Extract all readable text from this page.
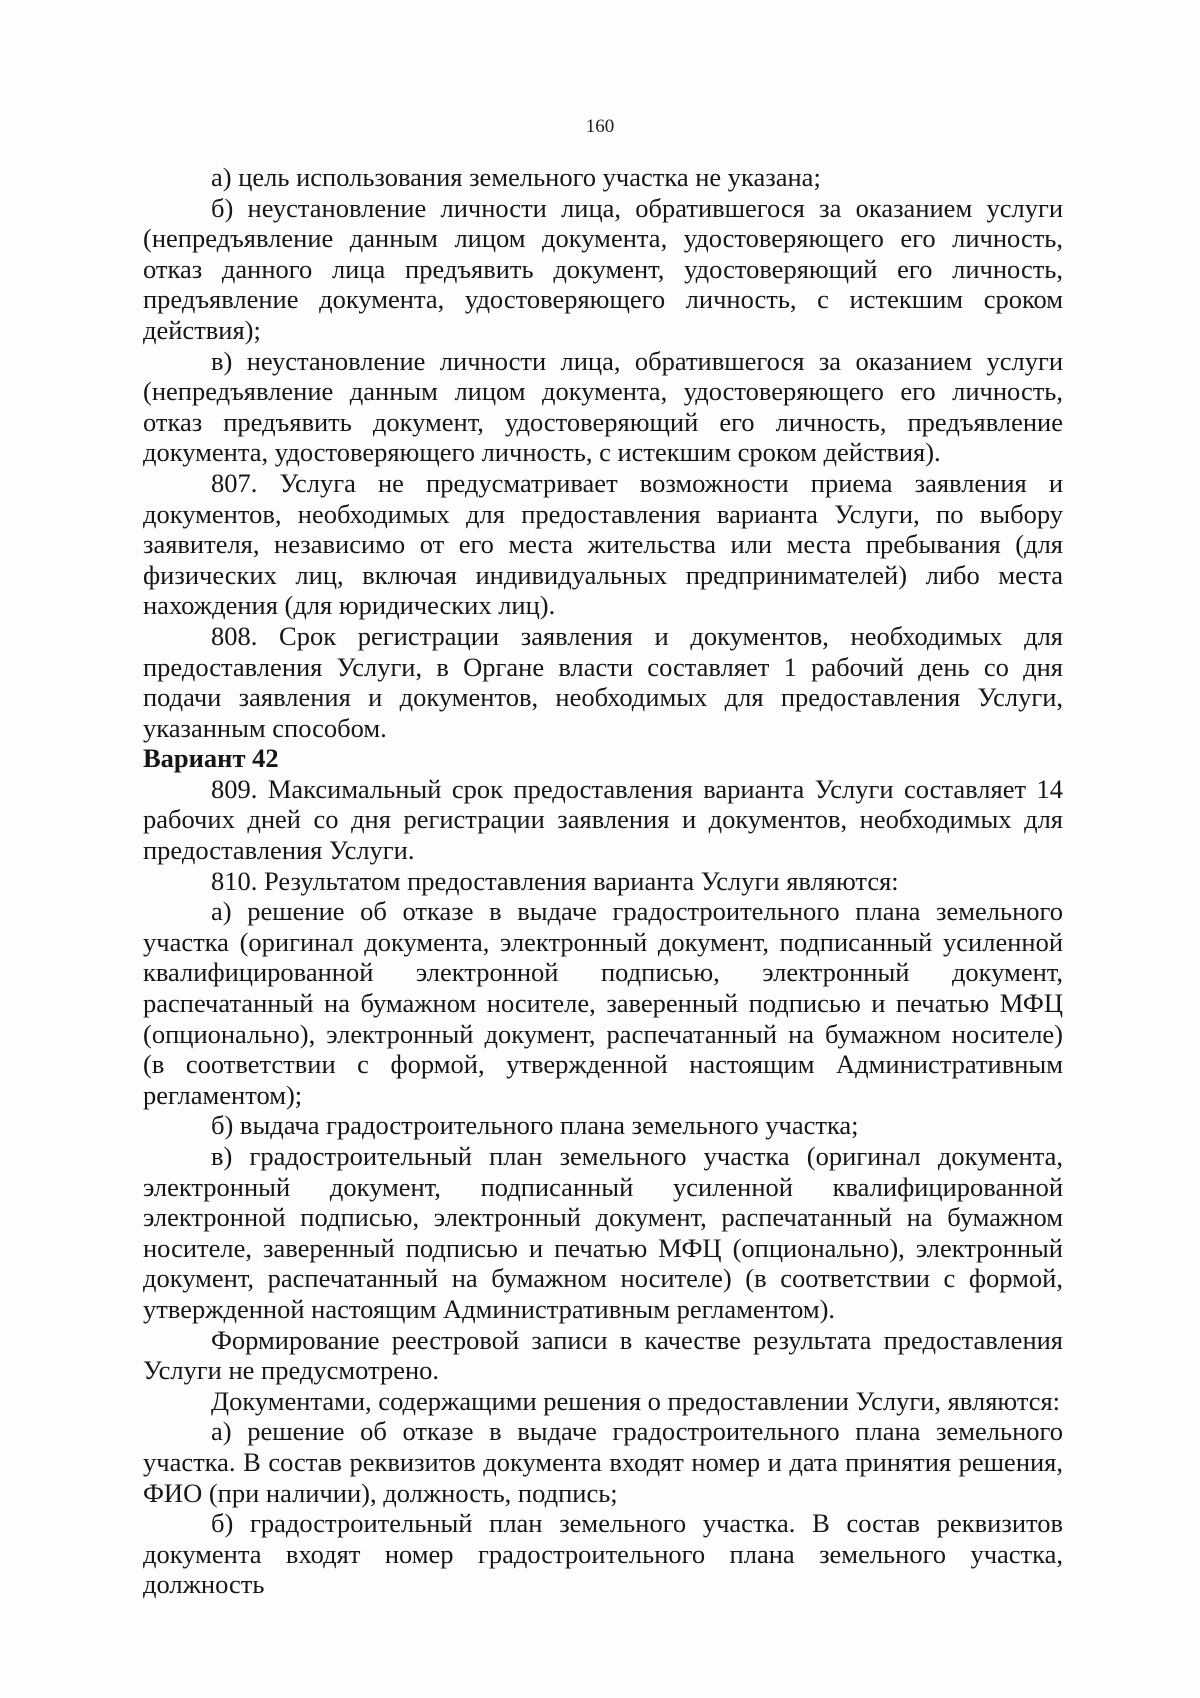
160

а) цель использования земельного участка не указана;

б) неустановление личности лица, обратившегося за оказанием услуги (непредъявление данным лицом документа, удостоверяющего его личность, отказ данного лица предъявить документ, удостоверяющий его личность, предъявление документа, удостоверяющего личность, с истекшим сроком действия);

в) неустановление личности лица, обратившегося за оказанием услуги (непредъявление данным лицом документа, удостоверяющего его личность, отказ предъявить документ, удостоверяющий его личность, предъявление документа, удостоверяющего личность, с истекшим сроком действия).

807. Услуга не предусматривает возможности приема заявления и документов, необходимых для предоставления варианта Услуги, по выбору заявителя, независимо от его места жительства или места пребывания (для физических лиц, включая индивидуальных предпринимателей) либо места нахождения (для юридических лиц).

808. Срок регистрации заявления и документов, необходимых для предоставления Услуги, в Органе власти составляет 1 рабочий день со дня подачи заявления и документов, необходимых для предоставления Услуги, указанным способом.

Вариант 42

809. Максимальный срок предоставления варианта Услуги составляет 14 рабочих дней со дня регистрации заявления и документов, необходимых для предоставления Услуги.

810. Результатом предоставления варианта Услуги являются:

а) решение об отказе в выдаче градостроительного плана земельного участка (оригинал документа, электронный документ, подписанный усиленной квалифицированной электронной подписью, электронный документ, распечатанный на бумажном носителе, заверенный подписью и печатью МФЦ (опционально), электронный документ, распечатанный на бумажном носителе) (в соответствии с формой, утвержденной настоящим Административным регламентом);

б) выдача градостроительного плана земельного участка;

в) градостроительный план земельного участка (оригинал документа, электронный документ, подписанный усиленной квалифицированной электронной подписью, электронный документ, распечатанный на бумажном носителе, заверенный подписью и печатью МФЦ (опционально), электронный документ, распечатанный на бумажном носителе) (в соответствии с формой, утвержденной настоящим Административным регламентом).

Формирование реестровой записи в качестве результата предоставления Услуги не предусмотрено.

Документами, содержащими решения о предоставлении Услуги, являются:

а) решение об отказе в выдаче градостроительного плана земельного участка. В состав реквизитов документа входят номер и дата принятия решения, ФИО (при наличии), должность, подпись;

б) градостроительный план земельного участка. В состав реквизитов документа входят номер градостроительного плана земельного участка, должность
